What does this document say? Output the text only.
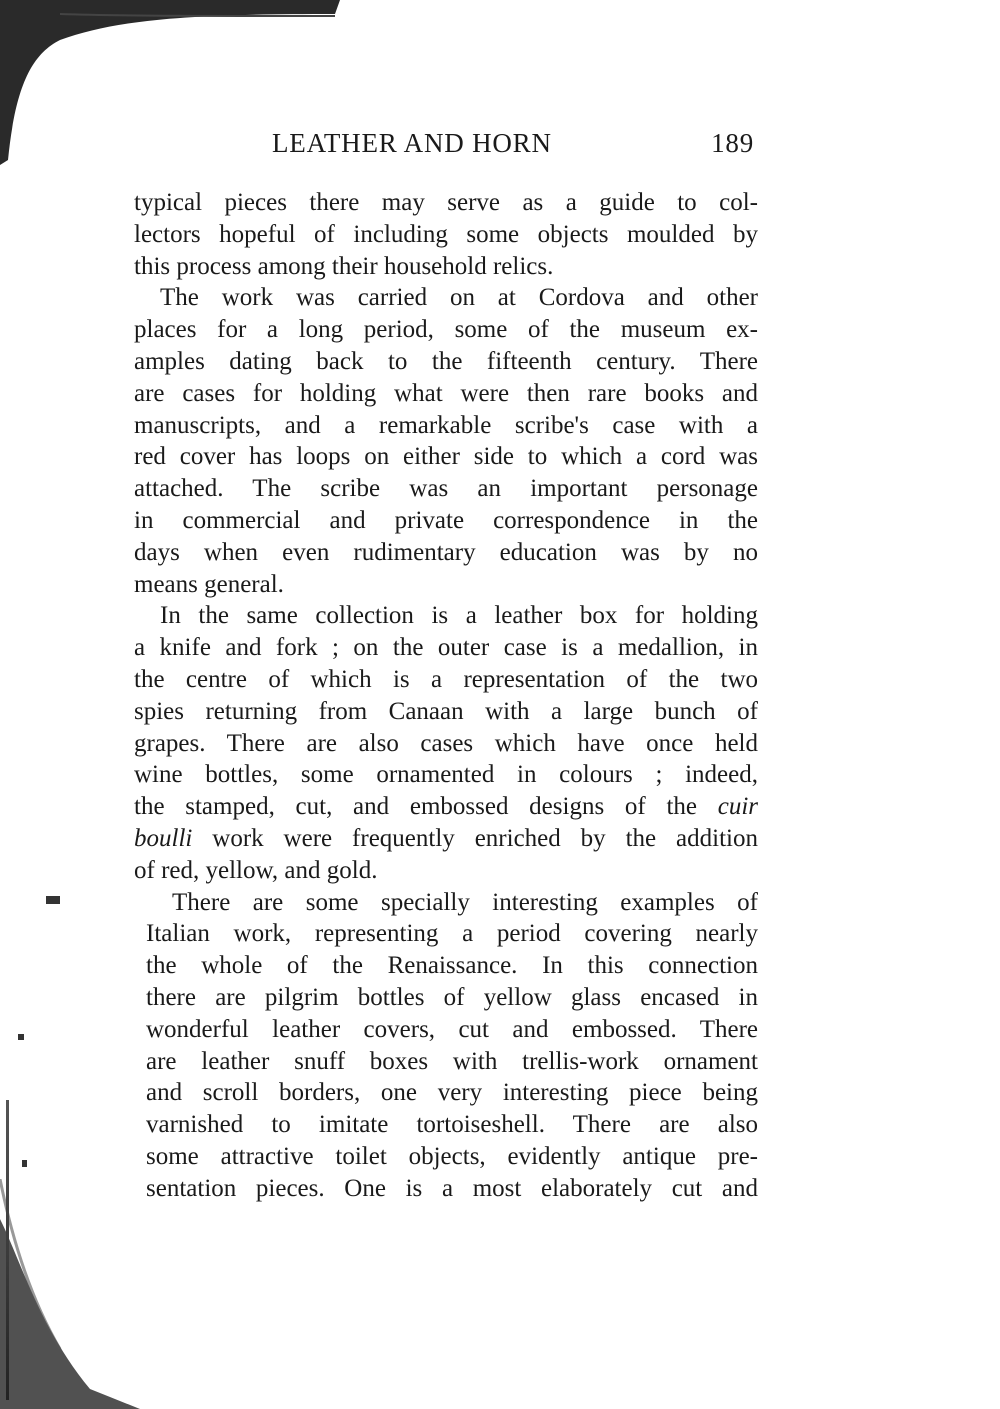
LEATHER AND HORN	189
typical pieces there may serve as a guide to col-
lectors hopeful of including some objects moulded by
this process among their household relics.
The work was carried on at Cordova and other
places for a long period, some of the museum ex-
amples dating back to the fifteenth century. There
are cases for holding what were then rare books and
manuscripts, and a remarkable scribe's case with a
red cover has loops on either side to which a cord was
attached. The scribe was an important personage
in commercial and private correspondence in the
days when even rudimentary education was by no
means general.
In the same collection is a leather box for holding
a knife and fork ; on the outer case is a medallion, in
the centre of which is a representation of the two
spies returning from Canaan with a large bunch of
grapes. There are also cases which have once held
wine bottles, some ornamented in colours ; indeed,
the stamped, cut, and embossed designs of the cuir
boulli work were frequently enriched by the addition
of red, yellow, and gold.
There are some specially interesting examples of
Italian work, representing a period covering nearly
the whole of the Renaissance. In this connection
there are pilgrim bottles of yellow glass encased in
wonderful leather covers, cut and embossed. There
are leather snuff boxes with trellis-work ornament
and scroll borders, one very interesting piece being
varnished to imitate tortoiseshell. There are also
some attractive toilet objects, evidently antique pre-
sentation pieces. One is a most elaborately cut and
